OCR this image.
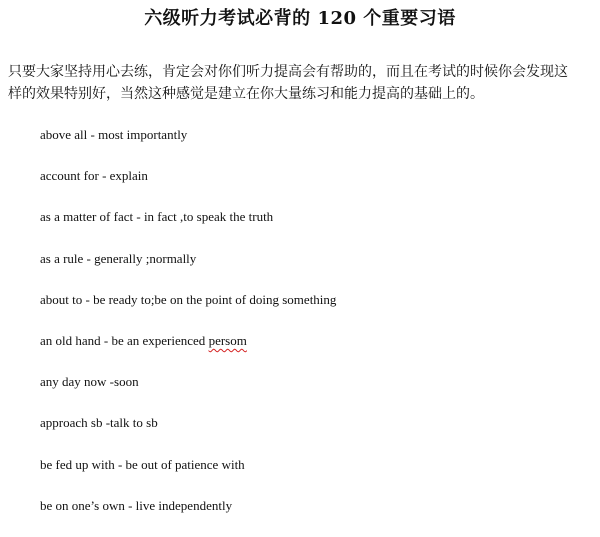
六级听力考试必背的 120 个重要习语

只要大家坚持用心去练，肯定会对你们听力提高会有帮助的，而且在考试的时候你会发现这
样的效果特别好，当然这种感觉是建立在你大量练习和能力提高的基础上的。

above all - most importantly
account for - explain
as a matter of fact - in fact ,to speak the truth
as a rule - generally ;normally
about to - be ready to;be on the point of doing something
an old hand - be an experienced persom
any day now -soon
approach sb -talk to sb
be fed up with - be out of patience with
be on one’s own - live independently
